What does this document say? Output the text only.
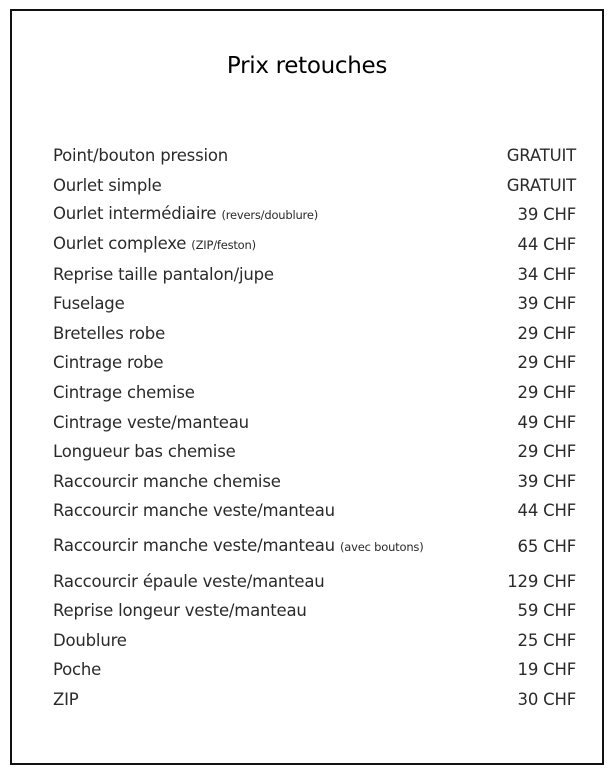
Prix retouches
Point/bouton pression	GRATUIT
Ourlet simple	GRATUIT
Ourlet intermédiaire (revers/doublure)	39 CHF
Ourlet complexe (ZIP/feston)	44 CHF
Reprise taille pantalon/jupe	34 CHF
Fuselage	39 CHF
Bretelles robe	29 CHF
Cintrage robe	29 CHF
Cintrage chemise	29 CHF
Cintrage veste/manteau	49 CHF
Longueur bas chemise	29 CHF
Raccourcir manche chemise	39 CHF
Raccourcir manche veste/manteau	44 CHF
Raccourcir manche veste/manteau (avec boutons)	65 CHF
Raccourcir épaule veste/manteau	129 CHF
Reprise longeur veste/manteau	59 CHF
Doublure	25 CHF
Poche	19 CHF
ZIP	30 CHF
